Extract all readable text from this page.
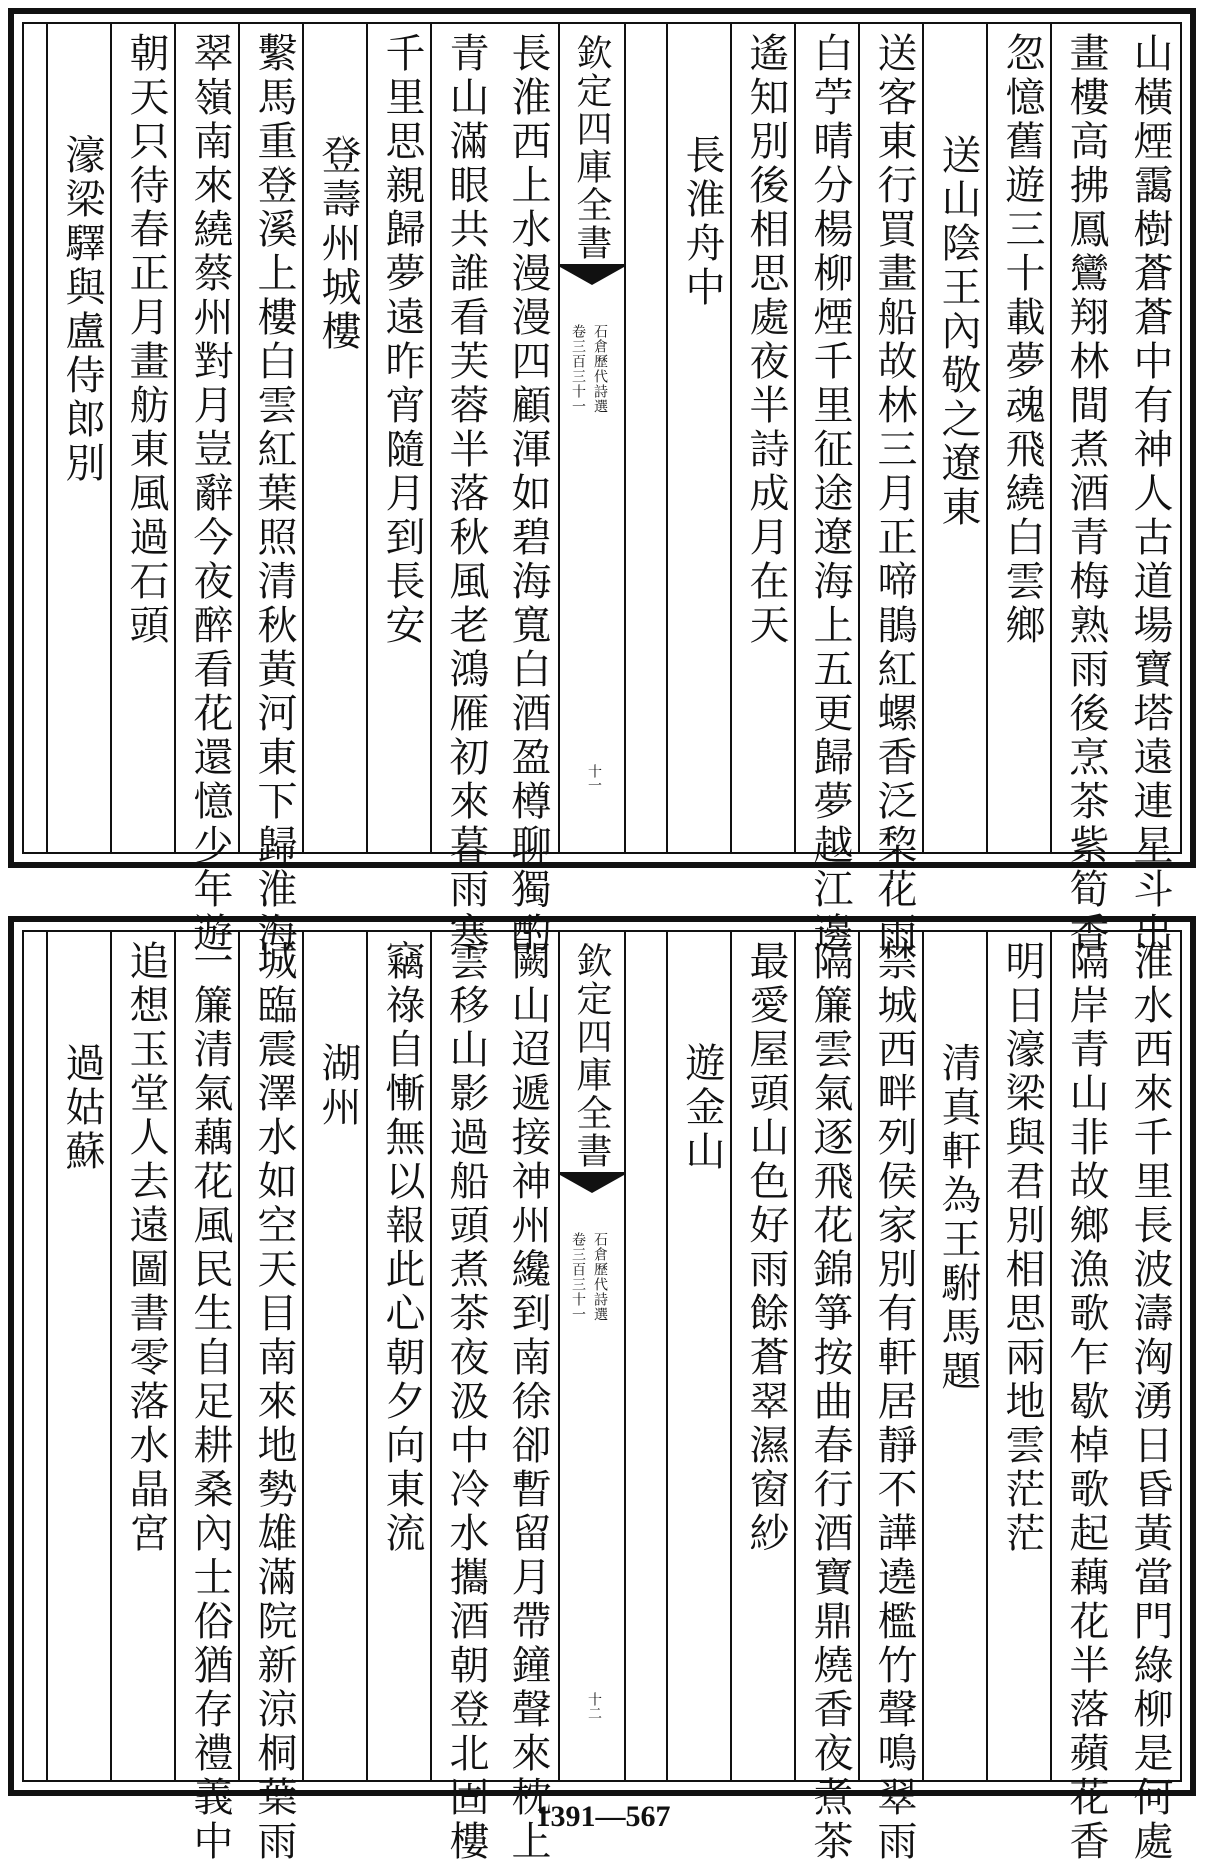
欽定四庫全書
石倉歷代詩選
卷三百三十一
十一	山橫煙靄樹蒼蒼中有神人古道場寶塔遠連星斗出
畫樓高拂鳳鸞翔林間煮酒青梅熟雨後烹茶紫筍香
忽憶舊遊三十載夢魂飛繞白雲鄉
送山陰王內敬之遼東
送客東行買畫船故林三月正啼鵑紅螺香泛棃花雨
白苧晴分楊柳煙千里征途遼海上五更歸夢越江邊
遙知別後相思處夜半詩成月在天
長淮舟中
長淮西上水漫漫四顧渾如碧海寬白酒盈樽聊獨酌
青山滿眼共誰看芙蓉半落秋風老鴻雁初來暮雨寒
千里思親歸夢遠昨宵隨月到長安
登壽州城樓
繫馬重登溪上樓白雲紅葉照清秋黃河東下歸淮海
翠嶺南來繞蔡州對月豈辭今夜醉看花還憶少年遊
朝天只待春正月畫舫東風過石頭
濠梁驛與盧侍郎別
欽定四庫全書
石倉歷代詩選
卷三百三十一
十二	淮水西來千里長波濤洶湧日昏黃當門綠柳是何處
隔岸青山非故鄉漁歌乍歇棹歌起藕花半落蘋花香
明日濠梁與君別相思兩地雲茫茫
清真軒為王駙馬題
禁城西畔列侯家別有軒居靜不譁遶檻竹聲鳴翠雨
隔簾雲氣逐飛花錦箏按曲春行酒寶鼎燒香夜煮茶
最愛屋頭山色好雨餘蒼翠濕窗紗
遊金山
闕山迢遞接神州纔到南徐卻暫留月帶鐘聲來枕上
雲移山影過船頭煮茶夜汲中冷水攜酒朝登北固樓
竊祿自慚無以報此心朝夕向東流
湖州
城臨震澤水如空天目南來地勢雄滿院新涼桐葉雨
一簾清氣藕花風民生自足耕桑內士俗猶存禮義中
追想玉堂人去遠圖書零落水晶宮
過姑蘇
1391—567
